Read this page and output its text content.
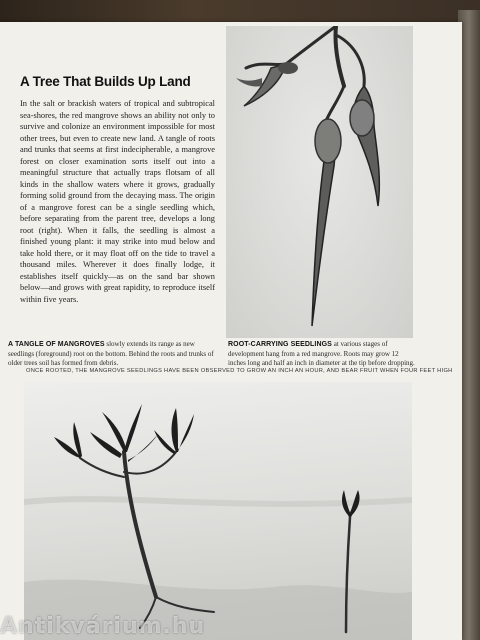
A Tree That Builds Up Land

In the salt or brackish waters of tropical and subtropical sea-shores, the red mangrove shows an ability not only to survive and colonize an environment impossible for most other trees, but even to create new land. A tangle of roots and trunks that seems at first indecipherable, a mangrove forest on closer examination sorts itself out into a meaningful structure that actually traps flotsam of all kinds in the shallow waters where it grows, gradually forming solid ground from the decaying mass. The origin of a mangrove forest can be a single seedling which, before separating from the parent tree, develops a long root (right). When it falls, the seedling is almost a finished young plant: it may strike into mud below and take hold there, or it may float off on the tide to travel a thousand miles. Wherever it does finally lodge, it establishes itself quickly—as on the sand bar shown below—and grows with great rapidity, to reproduce itself within five years.

A TANGLE OF MANGROVES slowly extends its range as new seedlings (foreground) root on the bottom. Behind the roots and trunks of older trees soil has formed from debris.
ROOT-CARRYING SEEDLINGS at various stages of development hang from a red mangrove. Roots may grow 12 inches long and half an inch in diameter at the tip before dropping.
ONCE ROOTED, THE MANGROVE SEEDLINGS HAVE BEEN OBSERVED TO GROW AN INCH AN HOUR, AND BEAR FRUIT WHEN FOUR FEET HIGH
Antikvárium.hu
